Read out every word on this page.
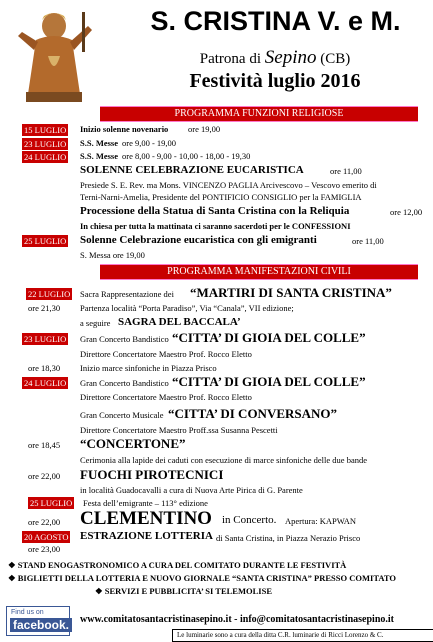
S. CRISTINA V. e M.
Patrona di Sepino (CB)
Festività luglio 2016
PROGRAMMA FUNZIONI RELIGIOSE
15 LUGLIO Inizio solenne novenario ore 19,00
23 LUGLIO S.S. Messe ore 9,00 - 19,00
24 LUGLIO S.S. Messe ore 8,00 - 9,00 - 10,00 - 18,00 - 19,30
SOLENNE CELEBRAZIONE EUCARISTICA	ore 11,00
Presiede S. E. Rev. ma Mons. VINCENZO PAGLIA Arcivescovo – Vescovo emerito di
Terni-Narni-Amelia, Presidente del PONTIFICIO CONSIGLIO per la FAMIGLIA
Processione della Statua di Santa Cristina con la Reliquia	ore 12,00
In chiesa per tutta la mattinata ci saranno sacerdoti per le CONFESSIONI
25 LUGLIO Solenne Celebrazione eucaristica con gli emigranti	ore 11,00
S. Messa ore 19,00
PROGRAMMA MANIFESTAZIONI CIVILI
22 LUGLIO Sacra Rappresentazione dei “MARTIRI DI SANTA CRISTINA”
ore 21,30 Partenza località “Porta Paradiso”, Via “Canala”, VII edizione;
a seguire SAGRA DEL BACCALA’
23 LUGLIO Gran Concerto Bandistico “CITTA’ DI GIOIA DEL COLLE”
Direttore Concertatore Maestro Prof. Rocco Eletto
ore 18,30 Inizio marce sinfoniche in Piazza Prisco
24 LUGLIO Gran Concerto Bandistico “CITTA’ DI GIOIA DEL COLLE”
Direttore Concertatore Maestro Prof. Rocco Eletto
Gran Concerto Musicale “CITTA’ DI CONVERSANO”
Direttore Concertatore Maestro Proff.ssa Susanna Pescetti
ore 18,45 “CONCERTONE”
Cerimonia alla lapide dei caduti con esecuzione di marce sinfoniche delle due bande
ore 22,00 FUOCHI PIROTECNICI
in località Guadocavalli a cura di Nuova Arte Pirica di G. Parente
25 LUGLIO Festa dell’emigrante – 113° edizione
ore 22,00 CLEMENTINO in Concerto. Apertura: KAPWAN
20 AGOSTO ESTRAZIONE LOTTERIA di Santa Cristina, in Piazza Nerazio Prisco
ore 23,00
❖ STAND ENOGASTRONOMICO A CURA DEL COMITATO DURANTE LE FESTIVITÀ
❖ BIGLIETTI DELLA LOTTERIA E NUOVO GIORNALE “SANTA CRISTINA” PRESSO COMITATO
❖ SERVIZI E PUBBLICITA’ SI TELEMOLISE
Find us on
facebook.	www.comitatosantacristinasepino.it - info@comitatosantacristinasepino.it
Le luminarie sono a cura della ditta C.R. luminarie di Ricci Lorenzo & C.
